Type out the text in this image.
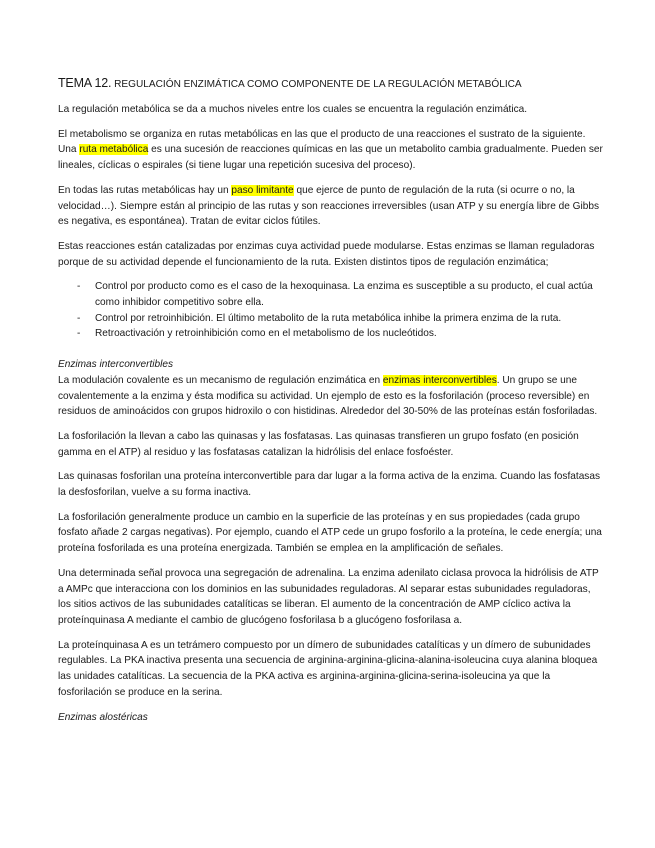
TEMA 12. REGULACIÓN ENZIMÁTICA COMO COMPONENTE DE LA REGULACIÓN METABÓLICA

La regulación metabólica se da a muchos niveles entre los cuales se encuentra la regulación enzimática.

El metabolismo se organiza en rutas metabólicas en las que el producto de una reacciones el sustrato de la siguiente. Una ruta metabólica es una sucesión de reacciones químicas en las que un metabolito cambia gradualmente. Pueden ser lineales, cíclicas o espirales (si tiene lugar una repetición sucesiva del proceso).

En todas las rutas metabólicas hay un paso limitante que ejerce de punto de regulación de la ruta (si ocurre o no, la velocidad…). Siempre están al principio de las rutas y son reacciones irreversibles (usan ATP y su energía libre de Gibbs es negativa, es espontánea). Tratan de evitar ciclos fútiles.

Estas reacciones están catalizadas por enzimas cuya actividad puede modularse. Estas enzimas se llaman reguladoras porque de su actividad depende el funcionamiento de la ruta. Existen distintos tipos de regulación enzimática;

- Control por producto como es el caso de la hexoquinasa. La enzima es susceptible a su producto, el cual actúa como inhibidor competitivo sobre ella.
- Control por retroinhibición. El último metabolito de la ruta metabólica inhibe la primera enzima de la ruta.
- Retroactivación y retroinhibición como en el metabolismo de los nucleótidos.
Enzimas interconvertibles

La modulación covalente es un mecanismo de regulación enzimática en enzimas interconvertibles. Un grupo se une covalentemente a la enzima y ésta modifica su actividad. Un ejemplo de esto es la fosforilación (proceso reversible) en residuos de aminoácidos con grupos hidroxilo o con histidinas. Alrededor del 30-50% de las proteínas están fosforiladas.

La fosforilación la llevan a cabo las quinasas y las fosfatasas. Las quinasas transfieren un grupo fosfato (en posición gamma en el ATP) al residuo y las fosfatasas catalizan la hidrólisis del enlace fosfoéster.

Las quinasas fosforilan una proteína interconvertible para dar lugar a la forma activa de la enzima. Cuando las fosfatasas la desfosforilan, vuelve a su forma inactiva.

La fosforilación generalmente produce un cambio en la superficie de las proteínas y en sus propiedades (cada grupo fosfato añade 2 cargas negativas). Por ejemplo, cuando el ATP cede un grupo fosforilo a la proteína, le cede energía; una proteína fosforilada es una proteína energizada. También se emplea en la amplificación de señales.

Una determinada señal provoca una segregación de adrenalina. La enzima adenilato ciclasa provoca la hidrólisis de ATP a AMPc que interacciona con los dominios en las subunidades reguladoras. Al separar estas subunidades reguladoras, los sitios activos de las subunidades catalíticas se liberan. El aumento de la concentración de AMP cíclico activa la proteínquinasa A mediante el cambio de glucógeno fosforilasa b a glucógeno fosforilasa a.

La proteínquinasa A es un tetrámero compuesto por un dímero de subunidades catalíticas y un dímero de subunidades regulables. La PKA inactiva presenta una secuencia de arginina-arginina-glicina-alanina-isoleucina cuya alanina bloquea las unidades catalíticas. La secuencia de la PKA activa es arginina-arginina-glicina-serina-isoleucina ya que la fosforilación se produce en la serina.

Enzimas alostéricas
